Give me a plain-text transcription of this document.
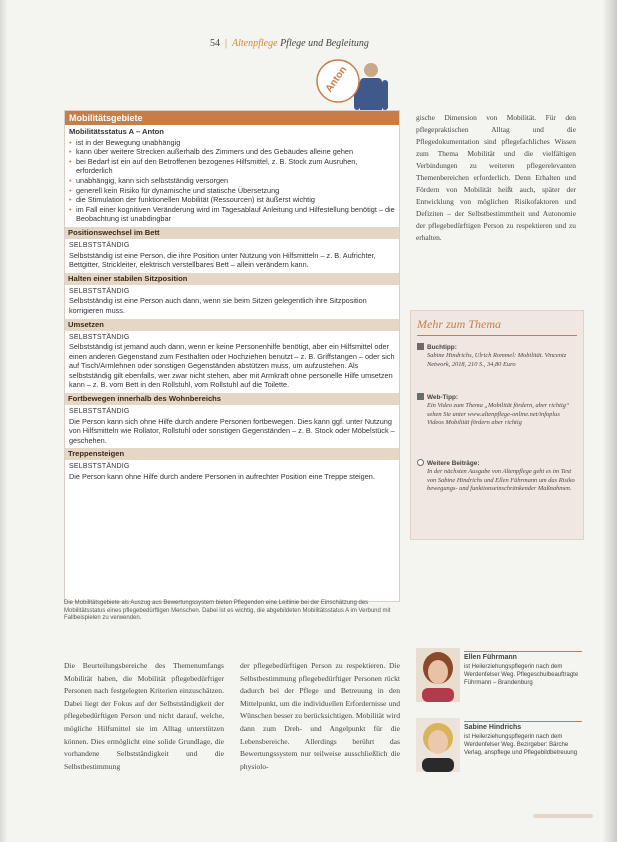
54 | Altenpflege Pflege und Begleitung
Anton
Mobilitätsgebiete
Mobilitätsstatus A – Anton
• ist in der Bewegung unabhängig
• kann über weitere Strecken außerhalb des Zimmers und des Gebäudes alleine gehen
• bei Bedarf ist ein auf den Betroffenen bezogenes Hilfsmittel, z. B. Stock zum Ausruhen, erforderlich
• unabhängig, kann sich selbstständig versorgen
• generell kein Risiko für dynamische und statische Übersetzung
• die Stimulation der funktionellen Mobilität (Ressourcen) ist äußerst wichtig
• im Fall einer kognitiven Veränderung wird im Tagesablauf Anleitung und Hilfestellung benötigt – die Beobachtung ist unabdingbar
Positionswechsel im Bett
SELBSTSTÄNDIG

Selbstständig ist eine Person, die ihre Position unter Nutzung von Hilfsmitteln – z. B. Aufrichter, Bettgitter, Strickleiter, elektrisch verstellbares Bett – allein verändern kann.

Halten einer stabilen Sitzposition
SELBSTSTÄNDIG

Selbstständig ist eine Person auch dann, wenn sie beim Sitzen gelegentlich ihre Sitzposition korrigieren muss.

Umsetzen
SELBSTSTÄNDIG

Selbstständig ist jemand auch dann, wenn er keine Personenhilfe benötigt, aber ein Hilfsmittel oder einen anderen Gegenstand zum Festhalten oder Hochziehen benutzt – z. B. Griffstangen – oder sich auf Tisch/Armlehnen oder sonstigen Gegenständen abstützen muss, um aufzustehen. Als selbstständig gilt ebenfalls, wer zwar nicht stehen, aber mit Armkraft ohne personelle Hilfe umsetzen kann – z. B. vom Bett in den Rollstuhl, vom Rollstuhl auf die Toilette.

Fortbewegen innerhalb des Wohnbereichs
SELBSTSTÄNDIG

Die Person kann sich ohne Hilfe durch andere Personen fortbewegen. Dies kann ggf. unter Nutzung von Hilfsmitteln wie Rollator, Rollstuhl oder sonstigen Gegenständen – z. B. Stock oder Möbelstück – geschehen.

Treppensteigen
SELBSTSTÄNDIG

Die Person kann ohne Hilfe durch andere Personen in aufrechter Position eine Treppe steigen.

Die Mobilitätsgebiete als Auszug aus Bewertungssystem bieten Pflegenden eine Leitlinie bei der Einschätzung des Mobilitätsstatus eines pflegebedürftigen Menschen. Dabei ist es wichtig, die abgebildeten Mobilitätsstatus A im Verbund mit Fallbeispielen zu verwenden.
gische Dimension von Mobilität. Für den pflegepraktischen Alltag und die Pflegedokumentation sind pflegefachliches Wissen zum Thema Mobilität und die vielfältigen Verbindungen zu weiteren pflegerelevanten Themenbereichen erforderlich. Denn Erhalten und Fördern von Mobilität heißt auch, später der Entwicklung von möglichen Risikofaktoren und Defiziten – der Selbstbestimmtheit und Autonomie der pflegebedürftigen Person zu respektieren und zu erhalten.
Mehr zum Thema
Buchtipp:
Sabine Hindrichs, Ulrich Rommel: Mobilität. Vincentz Network, 2018, 210 S., 34,80 Euro
Web-Tipp:
Ein Video zum Thema „Mobilität fördern, aber richtig“ sehen Sie unter www.altenpflege-online.net/infoplus Videos Mobilität fördern aber richtig
Weitere Beiträge:
In der nächsten Ausgabe von Altenpflege geht es im Text von Sabine Hindrichs und Ellen Führmann um das Risiko bewegungs- und funktionseinschränkender Maßnahmen.
Die Beurteilungsbereiche des Themenumfangs Mobilität haben, die Mobilität pflegebedürftiger Personen nach festgelegten Kriterien einzuschätzen. Dabei liegt der Fokus auf der Selbstständigkeit der pflegebedürftigen Person und nicht darauf, welche, mögliche Hilfsmittel sie im Alltag unterstützen können. Dies ermöglicht eine solide Grundlage, die vorhandene Selbstständigkeit und die Selbstbestimmung
der pflegebedürftigen Person zu respektieren. Die Selbstbestimmung pflegebedürftiger Personen rückt dadurch bei der Pflege und Betreuung in den Mittelpunkt, um die individuellen Erfordernisse und Wünschen besser zu berücksichtigen. Mobilität wird dann zum Dreh- und Angelpunkt für die Lebensbereiche. Allerdings berührt das Bewertungssystem nur teilweise ausschließlich die physiolo-
Ellen Führmann
ist Heilerziehungspflegerin nach dem Werdenfelser Weg. Pflegeschulbeauftragte Führmann – Brandenburg
Sabine Hindrichs
ist Heilerziehungspflegerin nach dem Werdenfelser Weg. Bezirgeber: Bärche Verlag, anspflege und Pflegebildbetreuung
